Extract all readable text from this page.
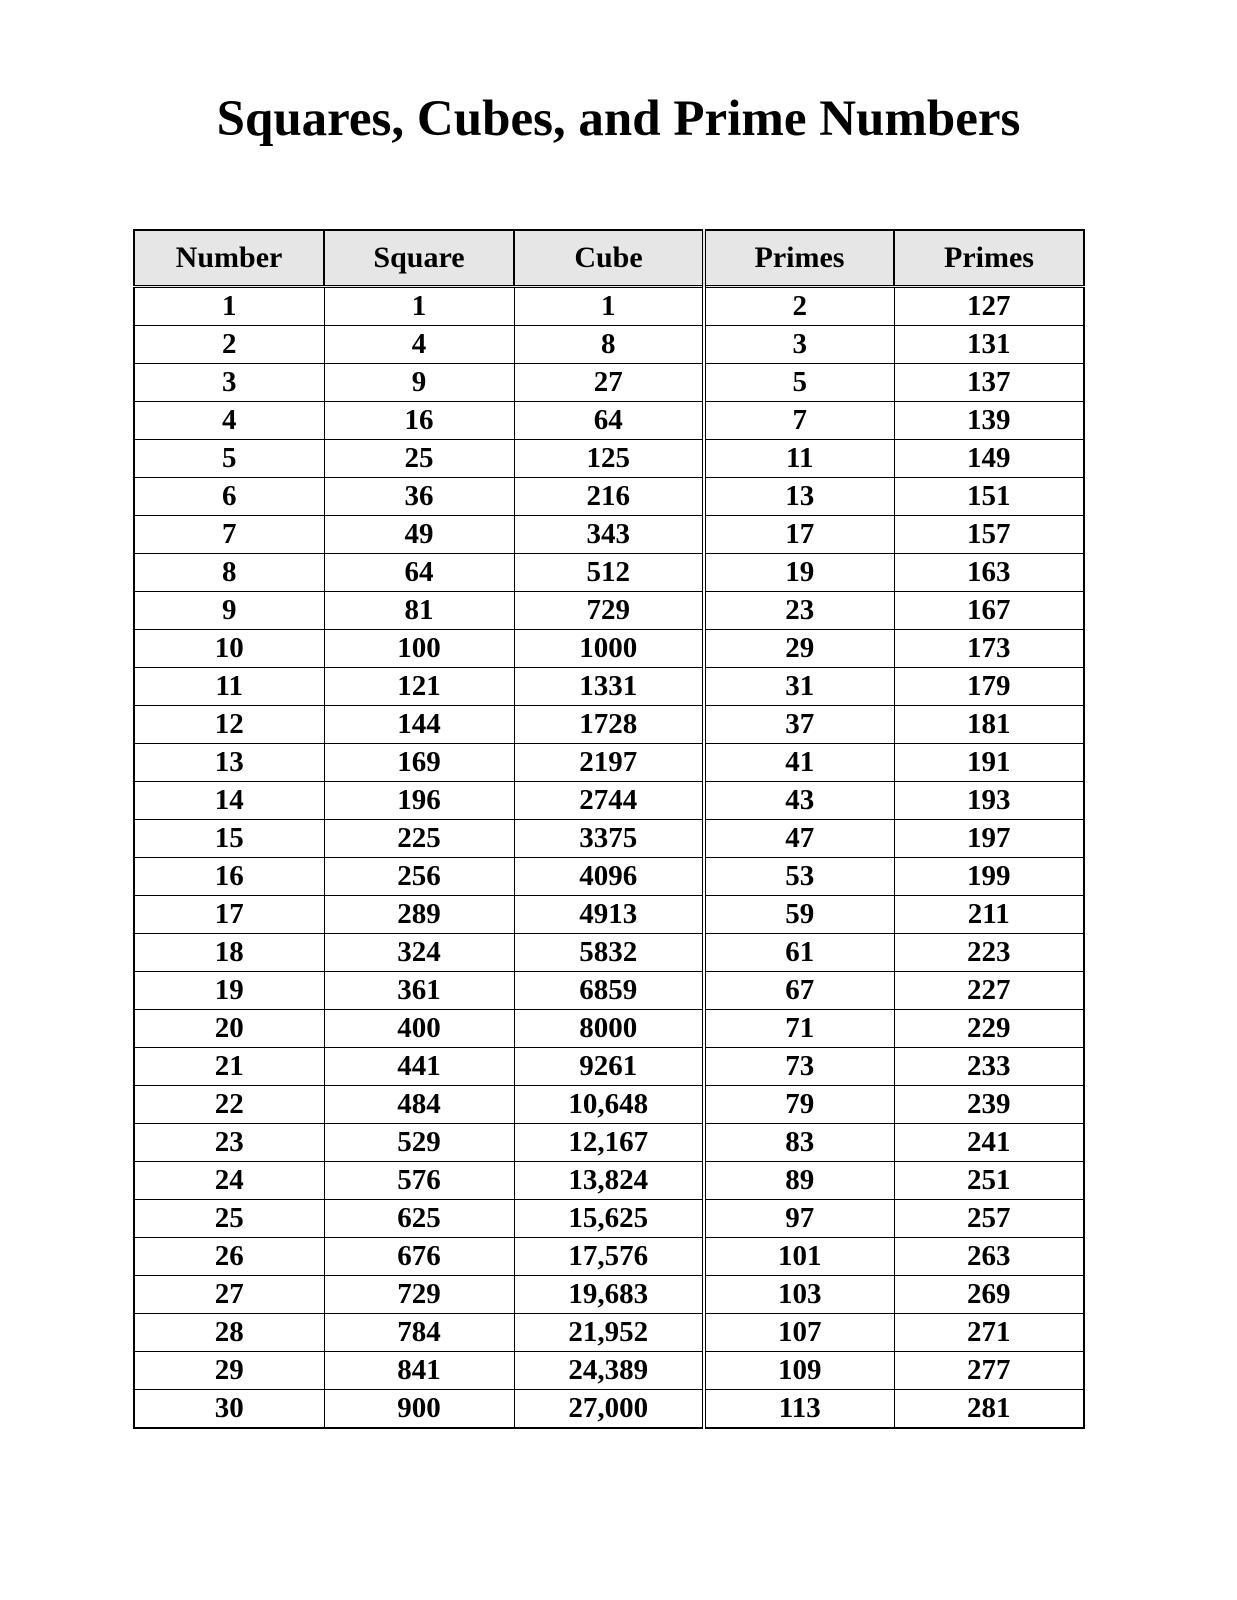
Squares, Cubes, and Prime Numbers
Number	Square	Cube	Primes	Primes
1	1	1	2	127
2	4	8	3	131
3	9	27	5	137
4	16	64	7	139
5	25	125	11	149
6	36	216	13	151
7	49	343	17	157
8	64	512	19	163
9	81	729	23	167
10	100	1000	29	173
11	121	1331	31	179
12	144	1728	37	181
13	169	2197	41	191
14	196	2744	43	193
15	225	3375	47	197
16	256	4096	53	199
17	289	4913	59	211
18	324	5832	61	223
19	361	6859	67	227
20	400	8000	71	229
21	441	9261	73	233
22	484	10,648	79	239
23	529	12,167	83	241
24	576	13,824	89	251
25	625	15,625	97	257
26	676	17,576	101	263
27	729	19,683	103	269
28	784	21,952	107	271
29	841	24,389	109	277
30	900	27,000	113	281
